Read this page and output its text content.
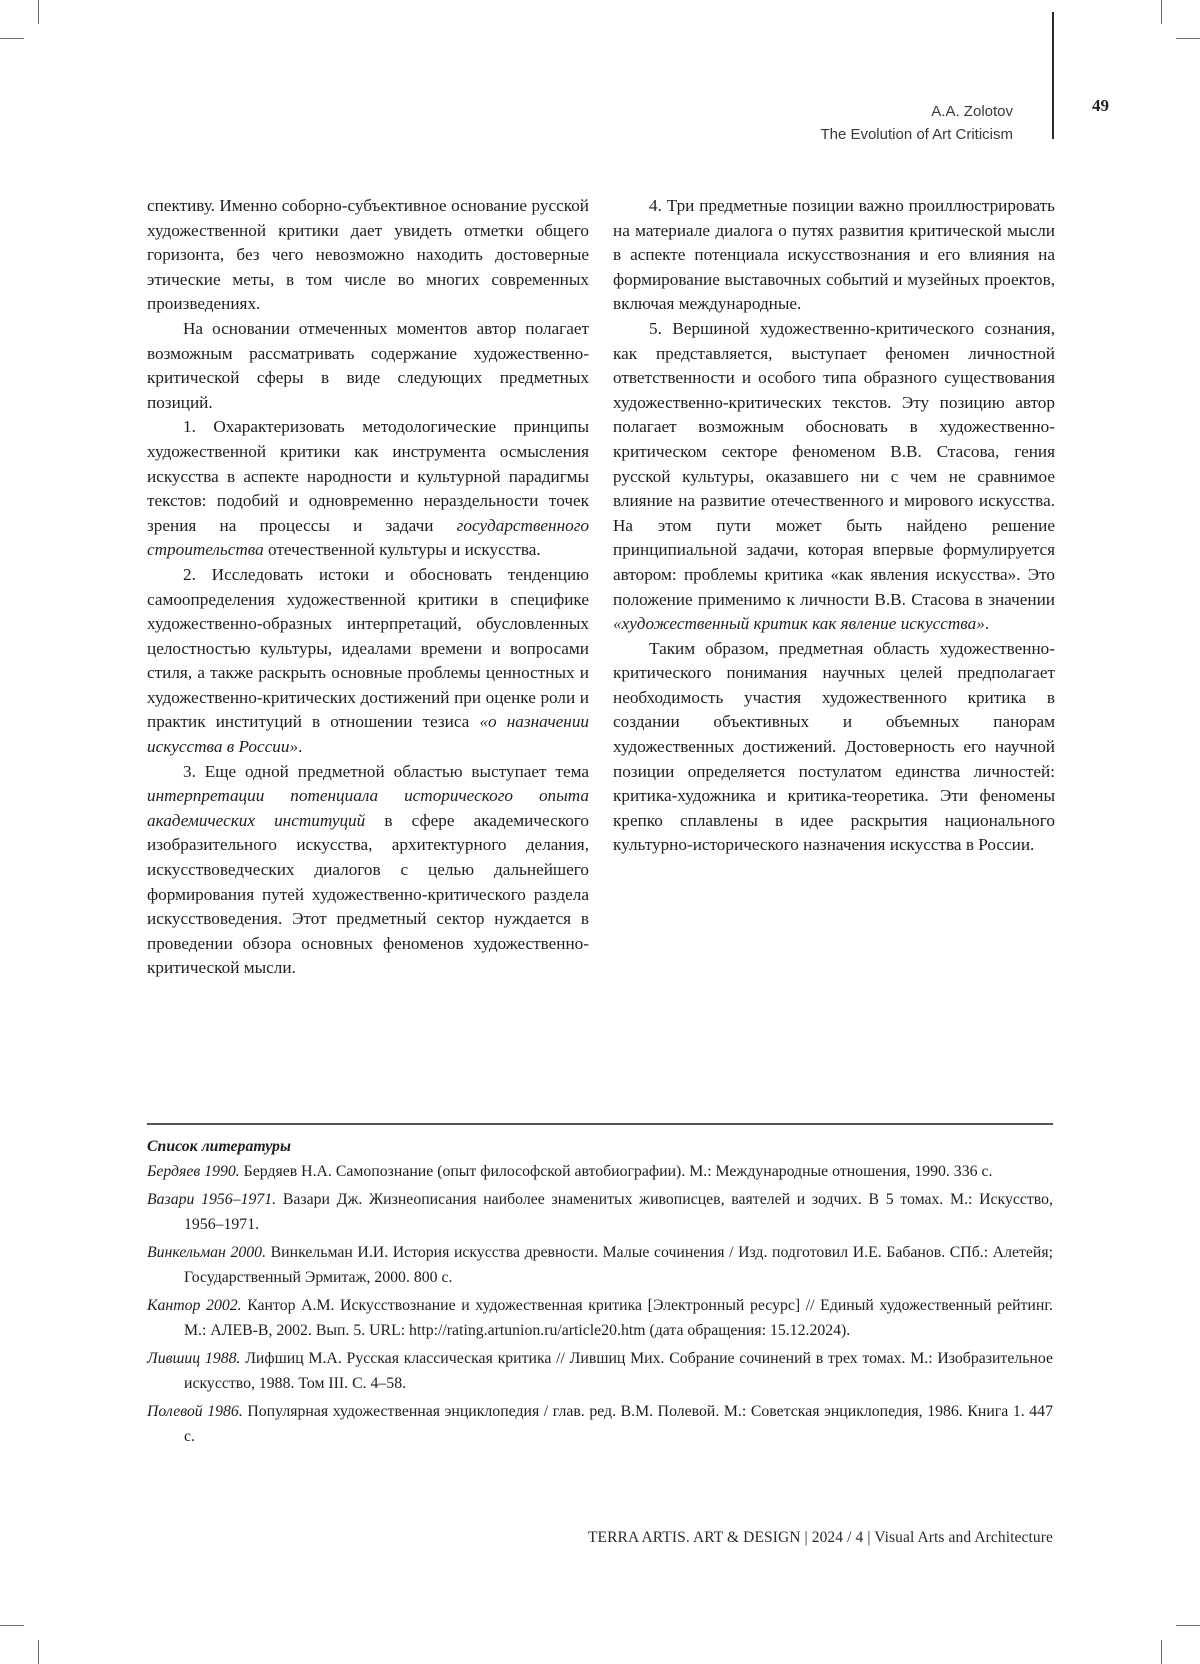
A.A. Zolotov
The Evolution of Art Criticism
49

спективу. Именно соборно-субъективное основание русской художественной критики дает увидеть отметки общего горизонта, без чего невозможно находить достоверные этические меты, в том числе во многих современных произведениях.

На основании отмеченных моментов автор полагает возможным рассматривать содержание художественно-критической сферы в виде следующих предметных позиций.

1. Охарактеризовать методологические принципы художественной критики как инструмента осмысления искусства в аспекте народности и культурной парадигмы текстов: подобий и одновременно нераздельности точек зрения на процессы и задачи государственного строительства отечественной культуры и искусства.

2. Исследовать истоки и обосновать тенденцию самоопределения художественной критики в специфике художественно-образных интерпретаций, обусловленных целостностью культуры, идеалами времени и вопросами стиля, а также раскрыть основные проблемы ценностных и художественно-критических достижений при оценке роли и практик институций в отношении тезиса «о назначении искусства в России».

3. Еще одной предметной областью выступает тема интерпретации потенциала исторического опыта академических институций в сфере академического изобразительного искусства, архитектурного делания, искусствоведческих диалогов с целью дальнейшего формирования путей художественно-критического раздела искусствоведения. Этот предметный сектор нуждается в проведении обзора основных феноменов художественно-критической мысли.

4. Три предметные позиции важно проиллюстрировать на материале диалога о путях развития критической мысли в аспекте потенциала искусствознания и его влияния на формирование выставочных событий и музейных проектов, включая международные.

5. Вершиной художественно-критического сознания, как представляется, выступает феномен личностной ответственности и особого типа образного существования художественно-критических текстов. Эту позицию автор полагает возможным обосновать в художественно-критическом секторе феноменом В.В. Стасова, гения русской культуры, оказавшего ни с чем не сравнимое влияние на развитие отечественного и мирового искусства. На этом пути может быть найдено решение принципиальной задачи, которая впервые формулируется автором: проблемы критика «как явления искусства». Это положение применимо к личности В.В. Стасова в значении «художественный критик как явление искусства».

Таким образом, предметная область художественно-критического понимания научных целей предполагает необходимость участия художественного критика в создании объективных и объемных панорам художественных достижений. Достоверность его научной позиции определяется постулатом единства личностей: критика-художника и критика-теоретика. Эти феномены крепко сплавлены в идее раскрытия национального культурно-исторического назначения искусства в России.

Список литературы

Бердяев 1990. Бердяев Н.А. Самопознание (опыт философской автобиографии). М.: Международные отношения, 1990. 336 с.

Вазари 1956–1971. Вазари Дж. Жизнеописания наиболее знаменитых живописцев, ваятелей и зодчих. В 5 томах. М.: Искусство, 1956–1971.

Винкельман 2000. Винкельман И.И. История искусства древности. Малые сочинения / Изд. подготовил И.Е. Бабанов. СПб.: Алетейя; Государственный Эрмитаж, 2000. 800 с.

Кантор 2002. Кантор А.М. Искусствознание и художественная критика [Электронный ресурс] // Единый художественный рейтинг. М.: АЛЕВ-В, 2002. Вып. 5. URL: http://rating.artunion.ru/article20.htm (дата обращения: 15.12.2024).

Лившиц 1988. Лифшиц М.А. Русская классическая критика // Лившиц Мих. Собрание сочинений в трех томах. М.: Изобразительное искусство, 1988. Том III. С. 4–58.

Полевой 1986. Популярная художественная энциклопедия / глав. ред. В.М. Полевой. М.: Советская энциклопедия, 1986. Книга 1. 447 с.

TERRA ARTIS. ART & DESIGN | 2024 / 4 | Visual Arts and Architecture
